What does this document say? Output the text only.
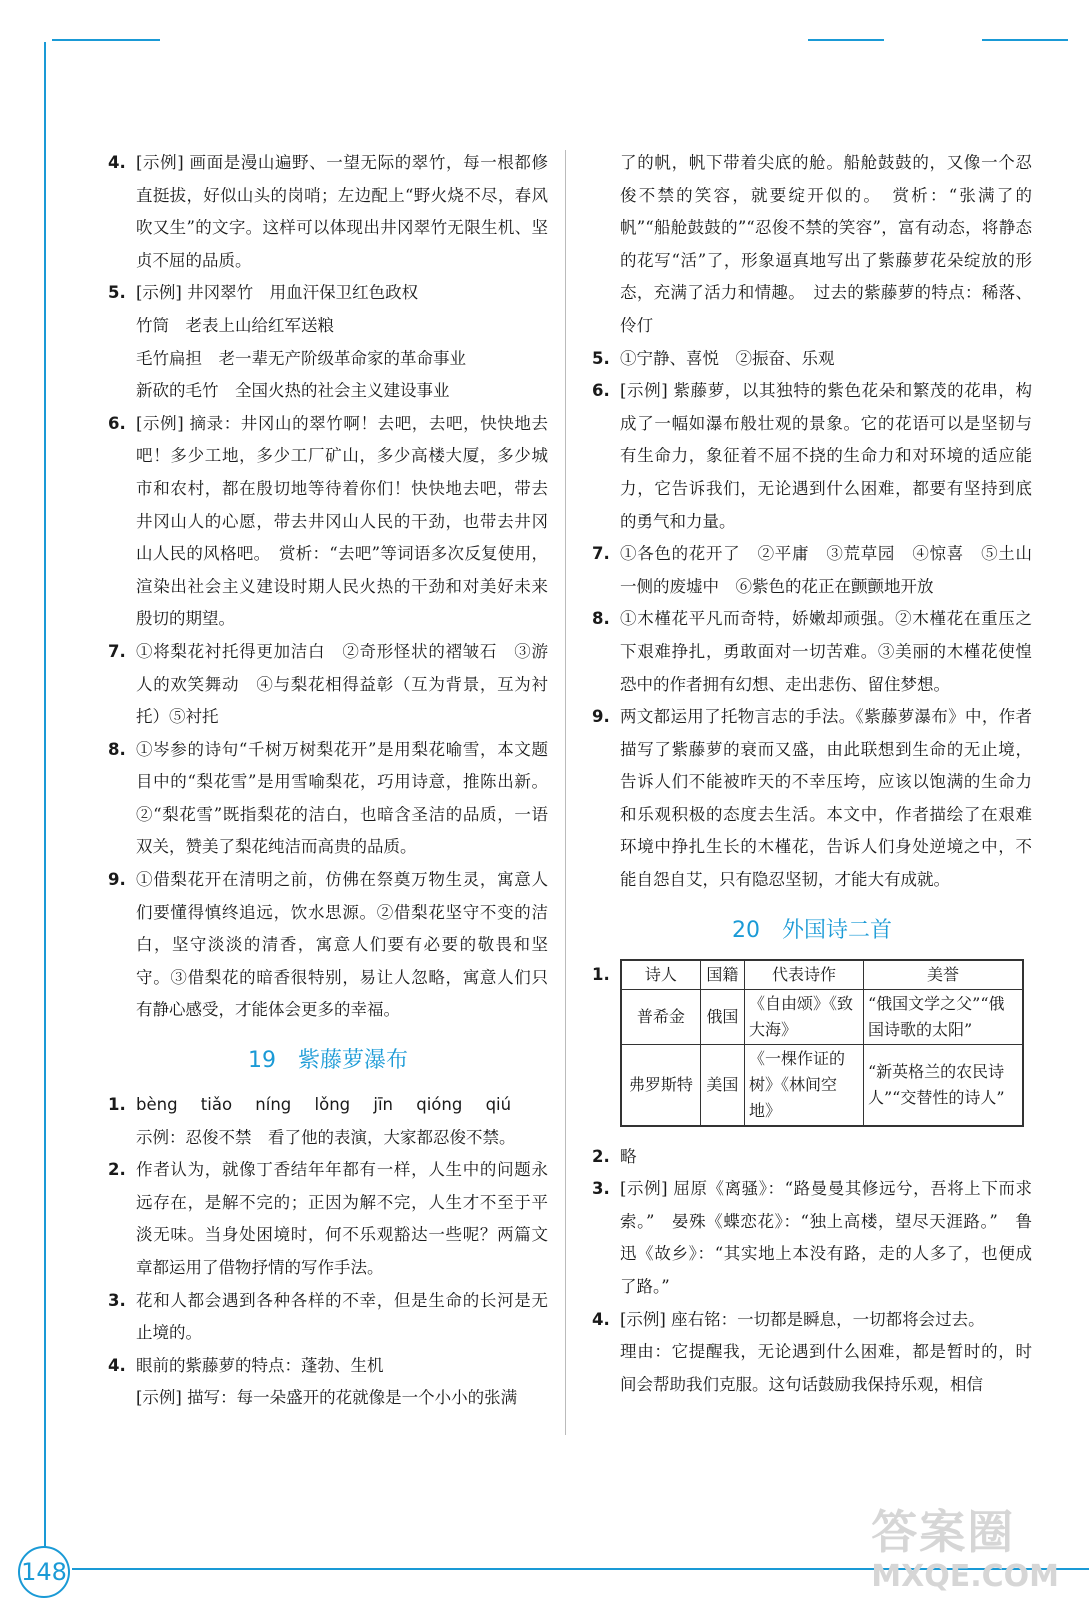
148
4. [示例] 画面是漫山遍野、一望无际的翠竹，每一根都修直挺拔，好似山头的岗哨；左边配上“野火烧不尽，春风吹又生”的文字。这样可以体现出井冈翠竹无限生机、坚贞不屈的品质。

5. [示例] 井冈翠竹　用血汗保卫红色政权

竹筒　老表上山给红军送粮

毛竹扁担　老一辈无产阶级革命家的革命事业

新砍的毛竹　全国火热的社会主义建设事业

6. [示例] 摘录：井冈山的翠竹啊！去吧，去吧，快快地去吧！多少工地，多少工厂矿山，多少高楼大厦，多少城市和农村，都在殷切地等待着你们！快快地去吧，带去井冈山人的心愿，带去井冈山人民的干劲，也带去井冈山人民的风格吧。　赏析：“去吧”等词语多次反复使用，渲染出社会主义建设时期人民火热的干劲和对美好未来殷切的期望。

7. ①将梨花衬托得更加洁白　②奇形怪状的褶皱石　③游人的欢笑舞动　④与梨花相得益彰（互为背景，互为衬托）⑤衬托

8. ①岑参的诗句“千树万树梨花开”是用梨花喻雪，本文题目中的“梨花雪”是用雪喻梨花，巧用诗意，推陈出新。②“梨花雪”既指梨花的洁白，也暗含圣洁的品质，一语双关，赞美了梨花纯洁而高贵的品质。

9. ①借梨花开在清明之前，仿佛在祭奠万物生灵，寓意人们要懂得慎终追远，饮水思源。②借梨花坚守不变的洁白，坚守淡淡的清香，寓意人们要有必要的敬畏和坚守。③借梨花的暗香很特别，易让人忽略，寓意人们只有静心感受，才能体会更多的幸福。

19　紫藤萝瀑布
1. bèng tiǎo níng lǒng jīn qióng qiú

示例：忍俊不禁　看了他的表演，大家都忍俊不禁。

2. 作者认为，就像丁香结年年都有一样，人生中的问题永远存在，是解不完的；正因为解不完，人生才不至于平淡无味。当身处困境时，何不乐观豁达一些呢？两篇文章都运用了借物抒情的写作手法。

3. 花和人都会遇到各种各样的不幸，但是生命的长河是无止境的。

4. 眼前的紫藤萝的特点：蓬勃、生机

[示例] 描写：每一朵盛开的花就像是一个小小的张满

了的帆，帆下带着尖底的舱。船舱鼓鼓的，又像一个忍俊不禁的笑容，就要绽开似的。　赏析：“张满了的帆”“船舱鼓鼓的”“忍俊不禁的笑容”，富有动态，将静态的花写“活”了，形象逼真地写出了紫藤萝花朵绽放的形态，充满了活力和情趣。　过去的紫藤萝的特点：稀落、伶仃

5. ①宁静、喜悦　②振奋、乐观

6. [示例] 紫藤萝，以其独特的紫色花朵和繁茂的花串，构成了一幅如瀑布般壮观的景象。它的花语可以是坚韧与有生命力，象征着不屈不挠的生命力和对环境的适应能力，它告诉我们，无论遇到什么困难，都要有坚持到底的勇气和力量。

7. ①各色的花开了　②平庸　③荒草园　④惊喜　⑤土山一侧的废墟中　⑥紫色的花正在颤颤地开放

8. ①木槿花平凡而奇特，娇嫩却顽强。②木槿花在重压之下艰难挣扎，勇敢面对一切苦难。③美丽的木槿花使惶恐中的作者拥有幻想、走出悲伤、留住梦想。

9. 两文都运用了托物言志的手法。《紫藤萝瀑布》中，作者描写了紫藤萝的衰而又盛，由此联想到生命的无止境，告诉人们不能被昨天的不幸压垮，应该以饱满的生命力和乐观积极的态度去生活。本文中，作者描绘了在艰难环境中挣扎生长的木槿花，告诉人们身处逆境之中，不能自怨自艾，只有隐忍坚韧，才能大有成就。

20　外国诗二首
1. 诗人	国籍	代表诗作	美誉
普希金	俄国	《自由颂》《致大海》	“俄国文学之父”“俄国诗歌的太阳”
弗罗斯特	美国	《一棵作证的树》《林间空地》	“新英格兰的农民诗人”“交替性的诗人”
2. 略

3. [示例] 屈原《离骚》：“路曼曼其修远兮，吾将上下而求索。”　晏殊《蝶恋花》：“独上高楼，望尽天涯路。”　鲁迅《故乡》：“其实地上本没有路，走的人多了，也便成了路。”

4. [示例] 座右铭：一切都是瞬息，一切都将会过去。

理由：它提醒我，无论遇到什么困难，都是暂时的，时间会帮助我们克服。这句话鼓励我保持乐观，相信

答案圈
MXQE.COM
